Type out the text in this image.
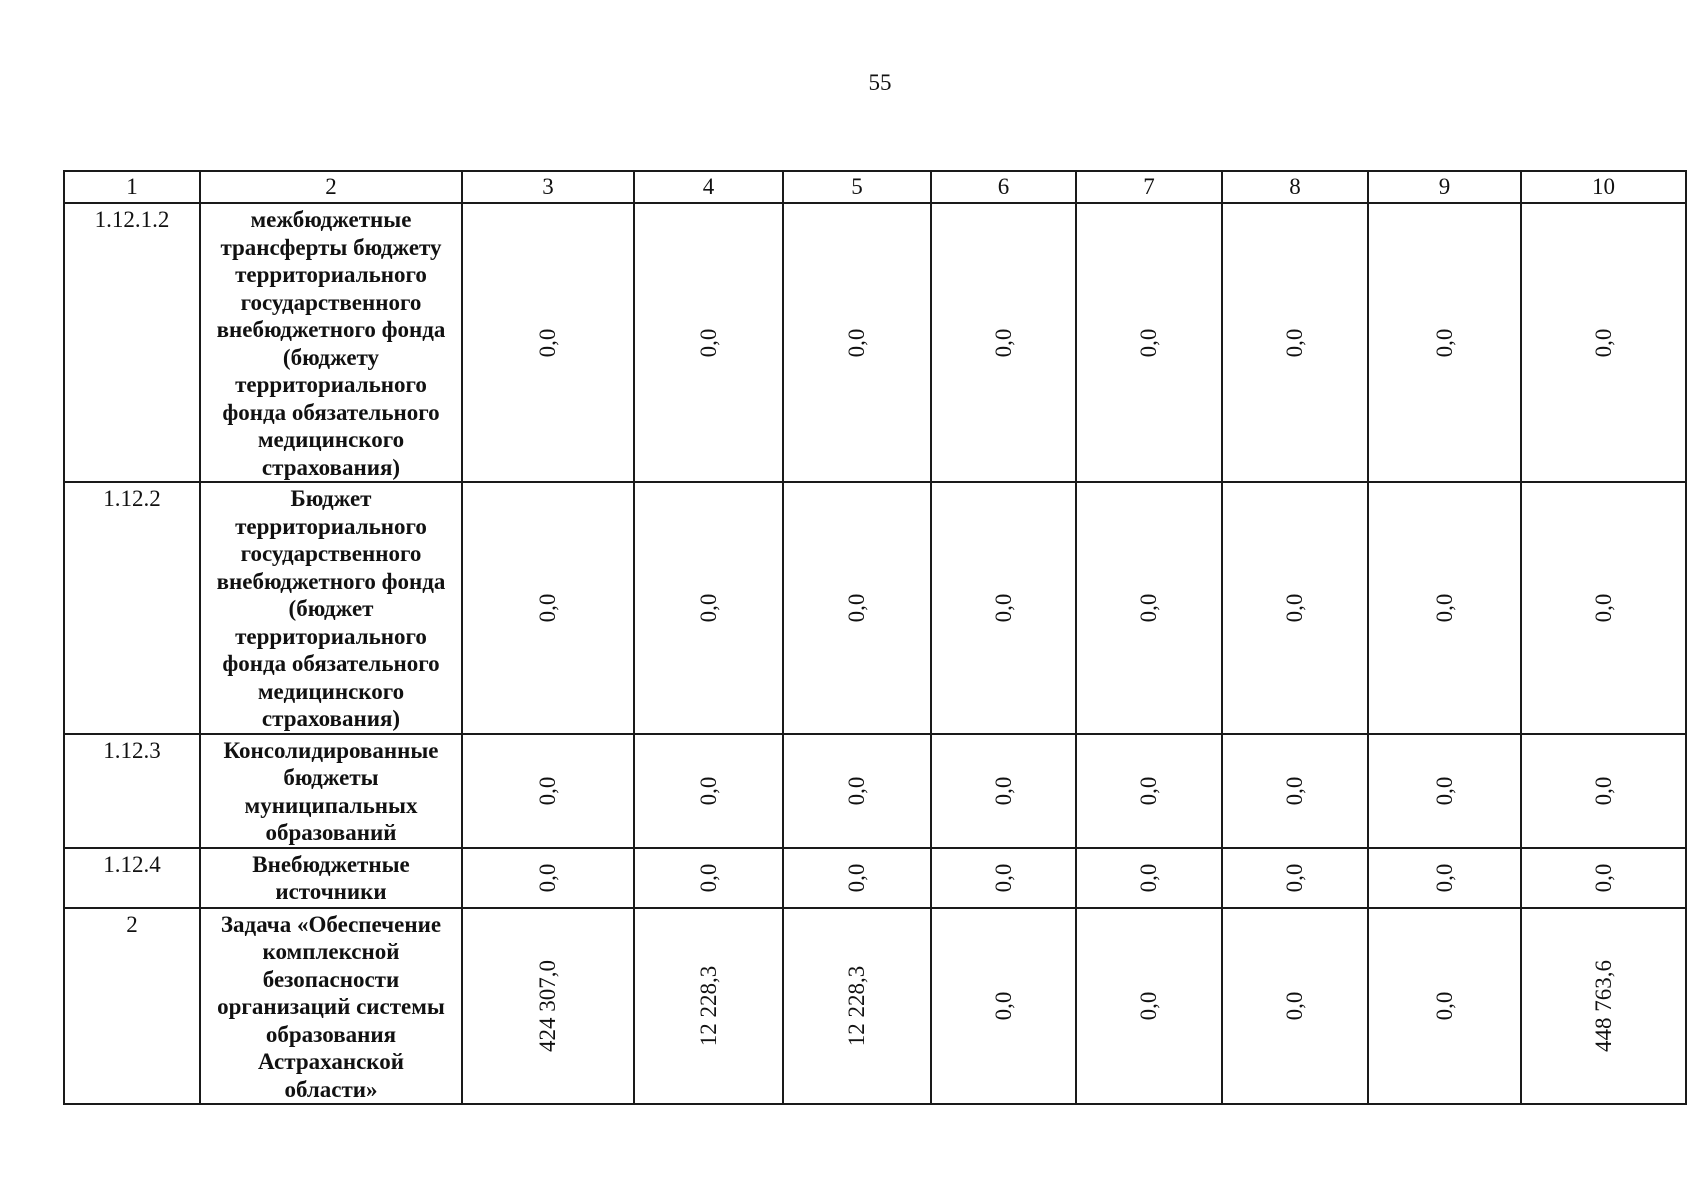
55
1	2	3	4	5	6	7	8	9	10
1.12.1.2	межбюджетные трансферты бюджету территориального государственного внебюджетного фонда (бюджету территориального фонда обязательного медицинского страхования)	0,0	0,0	0,0	0,0	0,0	0,0	0,0	0,0

1.12.2	Бюджет территориального государственного внебюджетного фонда (бюджет территориального фонда обязательного медицинского страхования)	0,0	0,0	0,0	0,0	0,0	0,0	0,0	0,0

1.12.3	Консолидированные бюджеты муниципальных образований	0,0	0,0	0,0	0,0	0,0	0,0	0,0	0,0

1.12.4	Внебюджетные источники	0,0	0,0	0,0	0,0	0,0	0,0	0,0	0,0

2	Задача «Обеспечение комплексной безопасности организаций системы образования Астраханской области»	424 307,0	12 228,3	12 228,3	0,0	0,0	0,0	0,0	448 763,6
